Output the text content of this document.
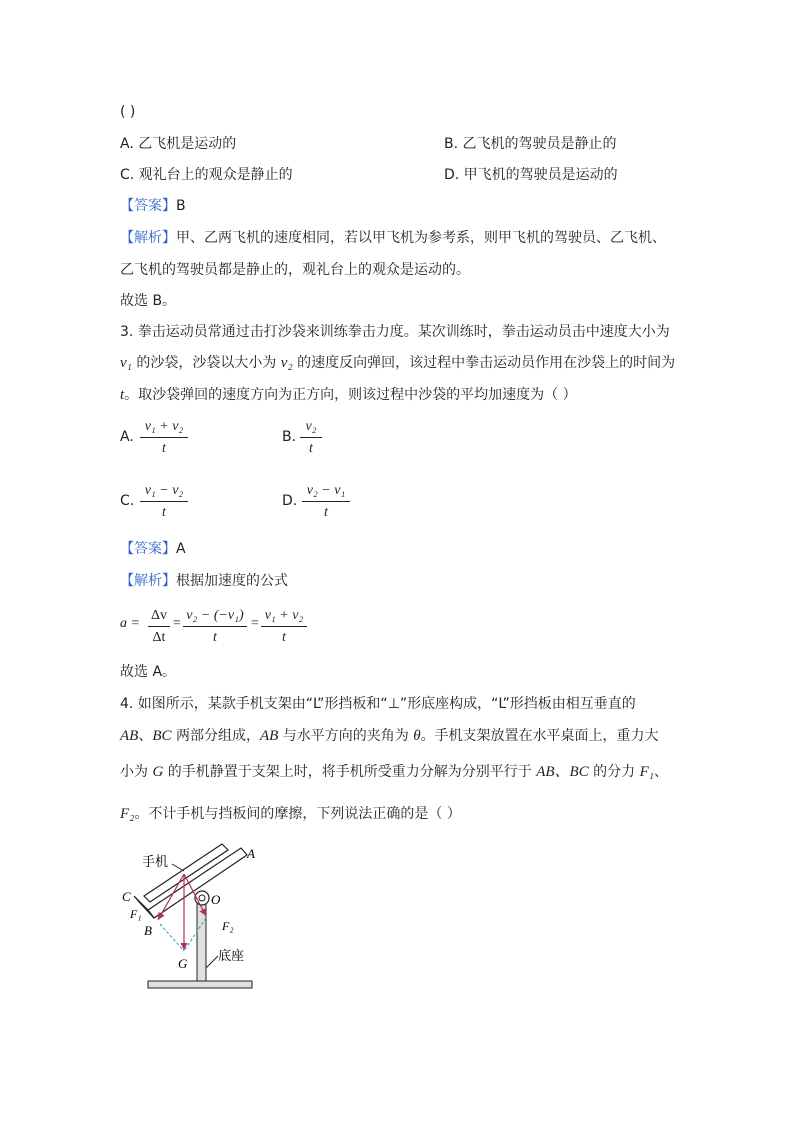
( )
A. 乙飞机是运动的	B. 乙飞机的驾驶员是静止的
C. 观礼台上的观众是静止的	D. 甲飞机的驾驶员是运动的
【答案】B
【解析】甲、乙两飞机的速度相同，若以甲飞机为参考系，则甲飞机的驾驶员、乙飞机、
乙飞机的驾驶员都是静止的，观礼台上的观众是运动的。
故选 B。
3. 拳击运动员常通过击打沙袋来训练拳击力度。某次训练时，拳击运动员击中速度大小为
v₁ 的沙袋，沙袋以大小为 v₂ 的速度反向弹回，该过程中拳击运动员作用在沙袋上的时间为
t。取沙袋弹回的速度方向为正方向，则该过程中沙袋的平均加速度为（ ）
A.
v₁ + v₂
t
B.
v₂
t
C.
v₁ − v₂
t
D.
v₂ − v₁
t
【答案】A
【解析】根据加速度的公式
a =
Δv
Δt
=
v₂ − (−v₁)
t
=
v₁ + v₂
t
故选 A。
4. 如图所示，某款手机支架由“L”形挡板和“⊥”形底座构成，“L”形挡板由相互垂直的
AB、BC 两部分组成，AB 与水平方向的夹角为 θ。手机支架放置在水平桌面上，重力大
小为 G 的手机静置于支架上时，将手机所受重力分解为分别平行于 AB、BC 的分力 F₁、
F₂。不计手机与挡板间的摩擦，下列说法正确的是（ ）
手机
A
C	O
F₁
F₂
B
G
底座
